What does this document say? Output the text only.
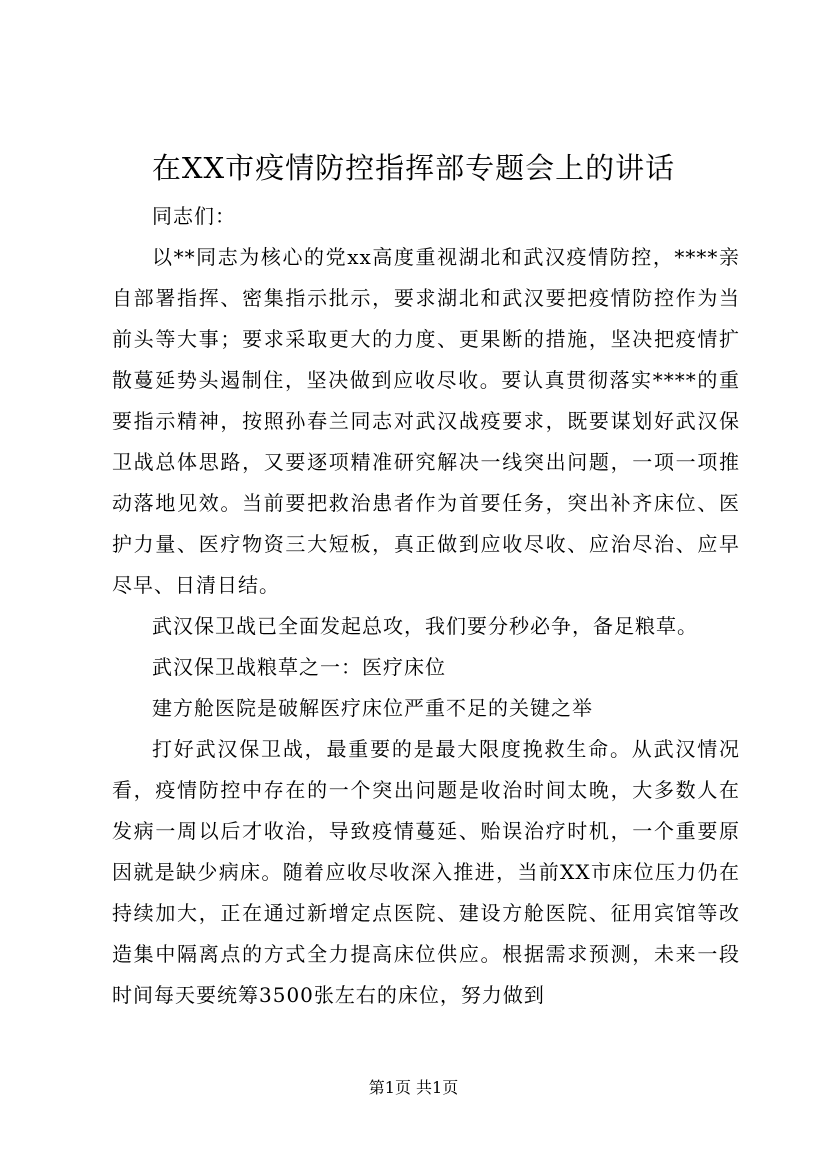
在XX市疫情防控指挥部专题会上的讲话

同志们：

以**同志为核心的党xx高度重视湖北和武汉疫情防控，****亲自部署指挥、密集指示批示，要求湖北和武汉要把疫情防控作为当前头等大事；要求采取更大的力度、更果断的措施，坚决把疫情扩散蔓延势头遏制住，坚决做到应收尽收。要认真贯彻落实****的重要指示精神，按照孙春兰同志对武汉战疫要求，既要谋划好武汉保卫战总体思路，又要逐项精准研究解决一线突出问题，一项一项推动落地见效。当前要把救治患者作为首要任务，突出补齐床位、医护力量、医疗物资三大短板，真正做到应收尽收、应治尽治、应早尽早、日清日结。

武汉保卫战已全面发起总攻，我们要分秒必争，备足粮草。

武汉保卫战粮草之一：医疗床位

建方舱医院是破解医疗床位严重不足的关键之举

打好武汉保卫战，最重要的是最大限度挽救生命。从武汉情况看，疫情防控中存在的一个突出问题是收治时间太晚，大多数人在发病一周以后才收治，导致疫情蔓延、贻误治疗时机，一个重要原因就是缺少病床。随着应收尽收深入推进，当前XX市床位压力仍在持续加大，正在通过新增定点医院、建设方舱医院、征用宾馆等改造集中隔离点的方式全力提高床位供应。根据需求预测，未来一段时间每天要统筹3500张左右的床位，努力做到

第1页 共1页
